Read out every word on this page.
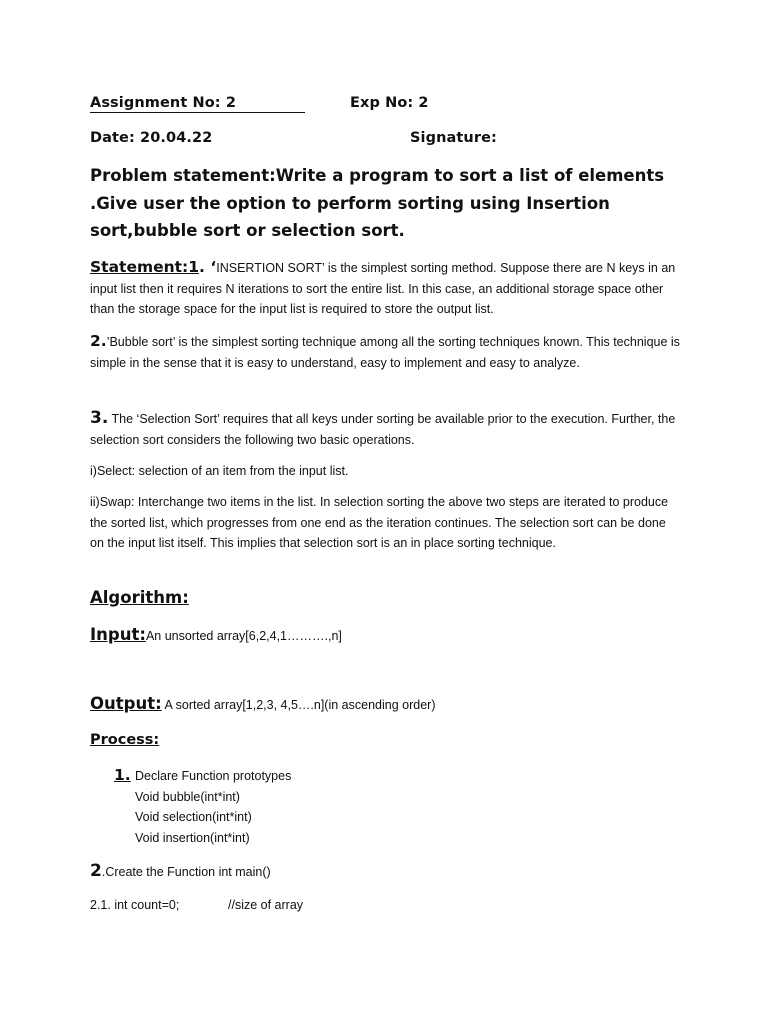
Assignment No: 2	Exp No: 2
Date: 20.04.22	Signature:
Problem statement:Write a program to sort a list of elements .Give user the option to perform sorting using Insertion sort,bubble sort or selection sort.
Statement:1. ‘INSERTION SORT’ is the simplest sorting method. Suppose there are N keys in an input list then it requires N iterations to sort the entire list. In this case, an additional storage space other than the storage space for the input list is required to store the output list.
2.’Bubble sort’ is the simplest sorting technique among all the sorting techniques known. This technique is simple in the sense that it is easy to understand, easy to implement and easy to analyze.
3. The ‘Selection Sort’ requires that all keys under sorting be available prior to the execution. Further, the selection sort considers the following two basic operations.
i)Select: selection of an item from the input list.
ii)Swap: Interchange two items in the list. In selection sorting the above two steps are iterated to produce the sorted list, which progresses from one end as the iteration continues. The selection sort can be done on the input list itself. This implies that selection sort is an in place sorting technique.
Algorithm:
Input:An unsorted array[6,2,4,1……….,n]
Output: A sorted array[1,2,3, 4,5….n](in ascending order)
Process:
1. Declare Function prototypes
Void bubble(int*int)
Void selection(int*int)
Void insertion(int*int)
2.Create the Function int main()
2.1. int count=0;	//size of array
